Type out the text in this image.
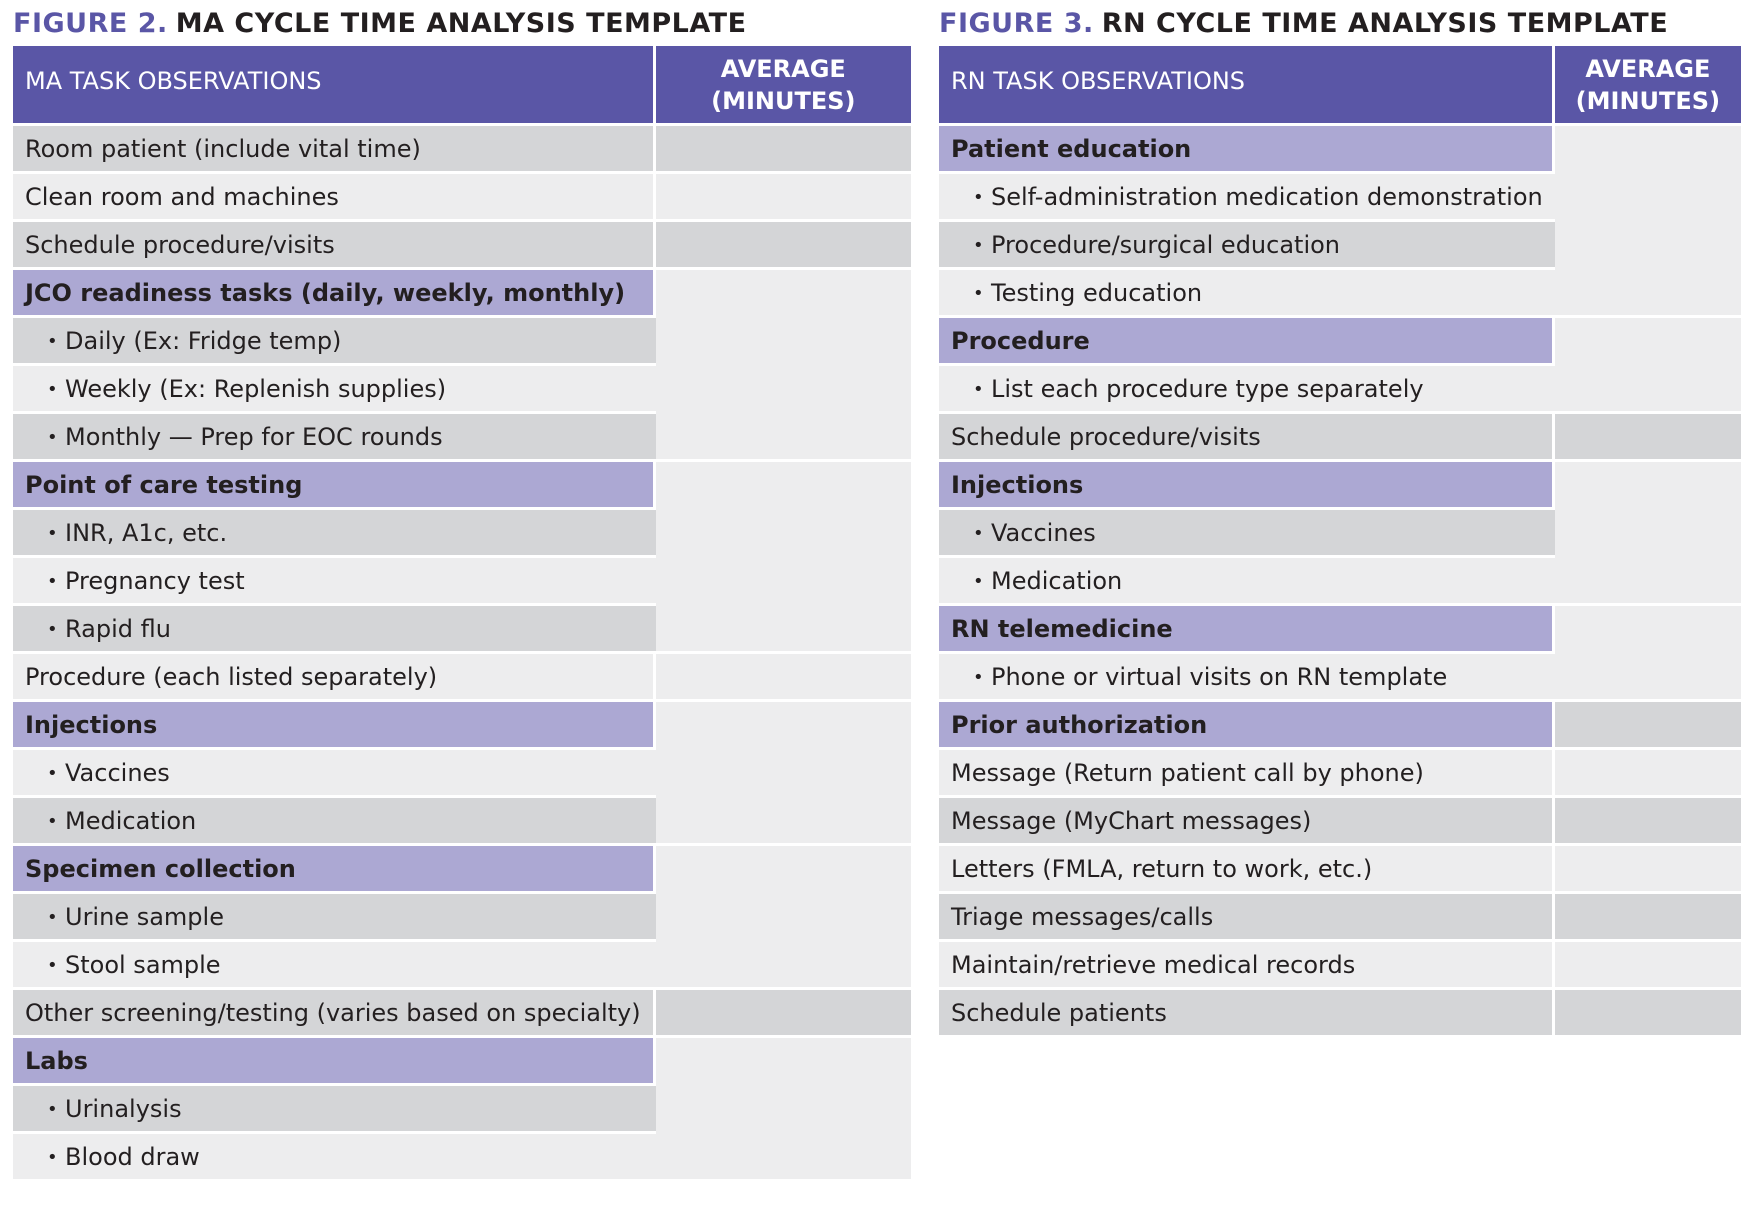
FIGURE 2. MA CYCLE TIME ANALYSIS TEMPLATE
MA TASK OBSERVATIONS	AVERAGE
(MINUTES)
Room patient (include vital time)	
Clean room and machines	
Schedule procedure/visits	
JCO readiness tasks (daily, weekly, monthly)	
• Daily (Ex: Fridge temp)	
• Weekly (Ex: Replenish supplies)	
• Monthly — Prep for EOC rounds	
Point of care testing	
• INR, A1c, etc.	
• Pregnancy test	
• Rapid flu	
Procedure (each listed separately)	
Injections	
• Vaccines	
• Medication	
Specimen collection	
• Urine sample	
• Stool sample	
Other screening/testing (varies based on specialty)	
Labs	
• Urinalysis	
• Blood draw	
FIGURE 3. RN CYCLE TIME ANALYSIS TEMPLATE
RN TASK OBSERVATIONS	AVERAGE
(MINUTES)
Patient education	
• Self-administration medication demonstration	
• Procedure/surgical education	
• Testing education	
Procedure	
• List each procedure type separately	
Schedule procedure/visits	
Injections	
• Vaccines	
• Medication	
RN telemedicine	
• Phone or virtual visits on RN template	
Prior authorization	
Message (Return patient call by phone)	
Message (MyChart messages)	
Letters (FMLA, return to work, etc.)	
Triage messages/calls	
Maintain/retrieve medical records	
Schedule patients	
